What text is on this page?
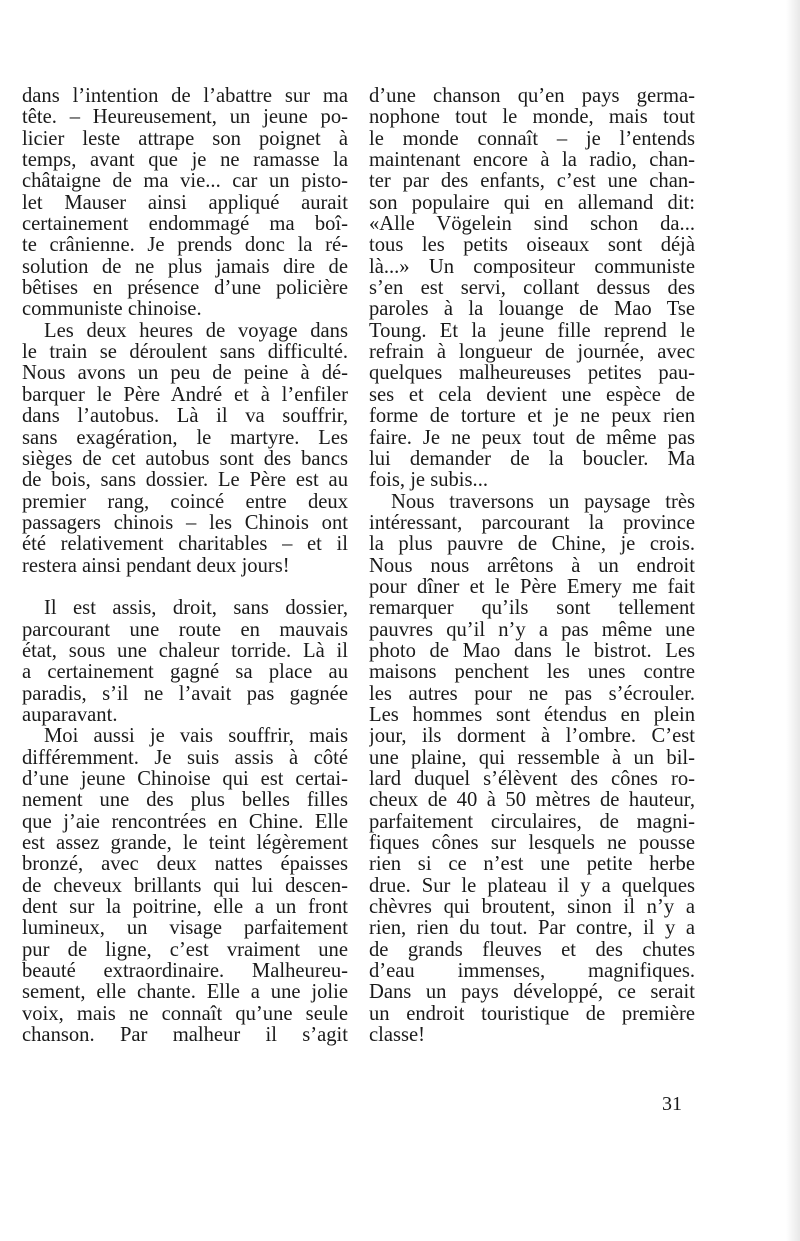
dans l’intention de l’abattre sur ma
tête. – Heureusement, un jeune po-
licier leste attrape son poignet à
temps, avant que je ne ramasse la
châtaigne de ma vie... car un pisto-
let Mauser ainsi appliqué aurait
certainement endommagé ma boî-
te crânienne. Je prends donc la ré-
solution de ne plus jamais dire de
bêtises en présence d’une policière
communiste chinoise.
Les deux heures de voyage dans
le train se déroulent sans difficulté.
Nous avons un peu de peine à dé-
barquer le Père André et à l’enfiler
dans l’autobus. Là il va souffrir,
sans exagération, le martyre. Les
sièges de cet autobus sont des bancs
de bois, sans dossier. Le Père est au
premier rang, coincé entre deux
passagers chinois – les Chinois ont
été relativement charitables – et il
restera ainsi pendant deux jours!
Il est assis, droit, sans dossier,
parcourant une route en mauvais
état, sous une chaleur torride. Là il
a certainement gagné sa place au
paradis, s’il ne l’avait pas gagnée
auparavant.
Moi aussi je vais souffrir, mais
différemment. Je suis assis à côté
d’une jeune Chinoise qui est certai-
nement une des plus belles filles
que j’aie rencontrées en Chine. Elle
est assez grande, le teint légèrement
bronzé, avec deux nattes épaisses
de cheveux brillants qui lui descen-
dent sur la poitrine, elle a un front
lumineux, un visage parfaitement
pur de ligne, c’est vraiment une
beauté extraordinaire. Malheureu-
sement, elle chante. Elle a une jolie
voix, mais ne connaît qu’une seule
chanson. Par malheur il s’agit
d’une chanson qu’en pays germa-
nophone tout le monde, mais tout
le monde connaît – je l’entends
maintenant encore à la radio, chan-
ter par des enfants, c’est une chan-
son populaire qui en allemand dit:
«Alle Vögelein sind schon da...
tous les petits oiseaux sont déjà
là...» Un compositeur communiste
s’en est servi, collant dessus des
paroles à la louange de Mao Tse
Toung. Et la jeune fille reprend le
refrain à longueur de journée, avec
quelques malheureuses petites pau-
ses et cela devient une espèce de
forme de torture et je ne peux rien
faire. Je ne peux tout de même pas
lui demander de la boucler. Ma
fois, je subis...
Nous traversons un paysage très
intéressant, parcourant la province
la plus pauvre de Chine, je crois.
Nous nous arrêtons à un endroit
pour dîner et le Père Emery me fait
remarquer qu’ils sont tellement
pauvres qu’il n’y a pas même une
photo de Mao dans le bistrot. Les
maisons penchent les unes contre
les autres pour ne pas s’écrouler.
Les hommes sont étendus en plein
jour, ils dorment à l’ombre. C’est
une plaine, qui ressemble à un bil-
lard duquel s’élèvent des cônes ro-
cheux de 40 à 50 mètres de hauteur,
parfaitement circulaires, de magni-
fiques cônes sur lesquels ne pousse
rien si ce n’est une petite herbe
drue. Sur le plateau il y a quelques
chèvres qui broutent, sinon il n’y a
rien, rien du tout. Par contre, il y a
de grands fleuves et des chutes
d’eau immenses, magnifiques.
Dans un pays développé, ce serait
un endroit touristique de première
classe!
31
